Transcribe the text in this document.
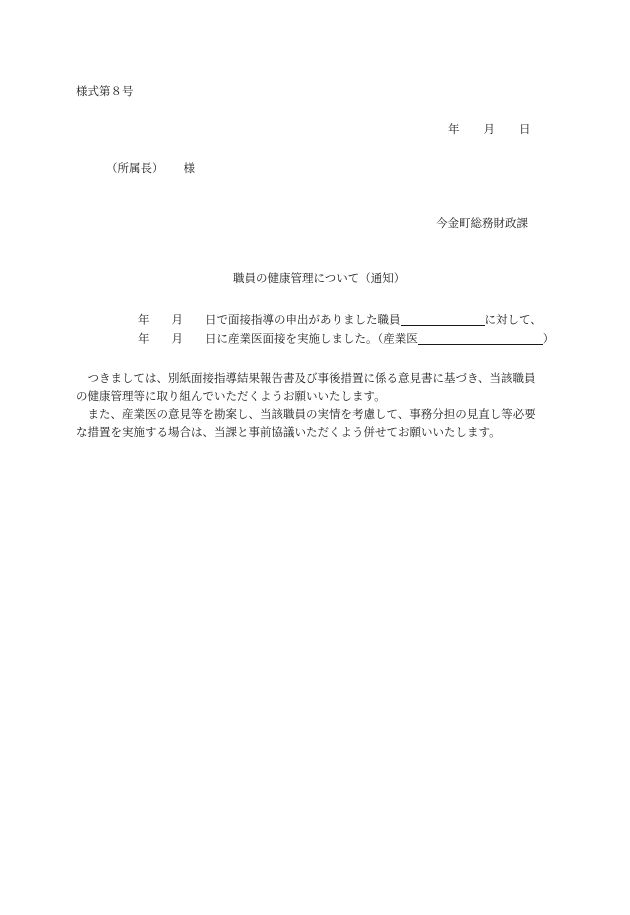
様式第８号
年 月 日
（所属長） 様
今金町総務財政課
職員の健康管理について（通知）
年 月 日で面接指導の申出がありました職員	に対して、
年 月 日に産業医面接を実施しました。（産業医	）
　つきましては、別紙面接指導結果報告書及び事後措置に係る意見書に基づき、当該職員
の健康管理等に取り組んでいただくようお願いいたします。
　また、産業医の意見等を勘案し、当該職員の実情を考慮して、事務分担の見直し等必要
な措置を実施する場合は、当課と事前協議いただくよう併せてお願いいたします。
